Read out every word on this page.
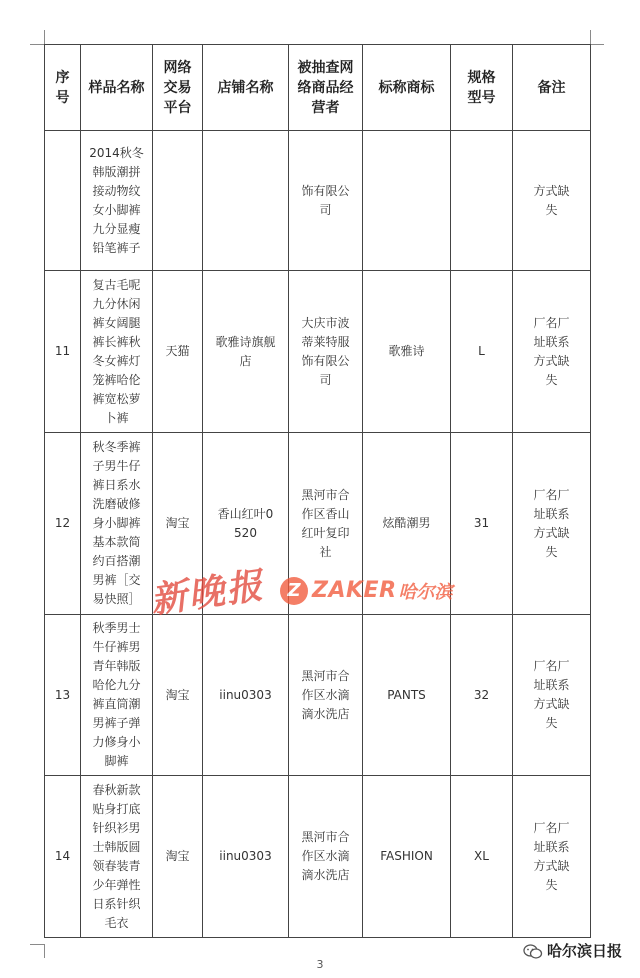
序号	样品名称	网络交易平台	店铺名称	被抽查网络商品经营者	标称商标	规格型号	备注
	2014秋冬韩版潮拼接动物纹女小脚裤九分显瘦铅笔裤子			饰有限公司			方式缺失
11	复古毛呢九分休闲裤女阔腿裤长裤秋冬女裤灯笼裤哈伦裤宽松萝卜裤	天猫	歌雅诗旗舰店	大庆市波蒂莱特服饰有限公司	歌雅诗	L	厂名厂址联系方式缺失
12	秋冬季裤子男牛仔裤日系水洗磨破修身小脚裤基本款简约百搭潮男裤［交易快照］	淘宝	香山红叶0520	黑河市合作区香山红叶复印社	炫酷潮男	31	厂名厂址联系方式缺失
13	秋季男士牛仔裤男青年韩版哈伦九分裤直筒潮男裤子弹力修身小脚裤	淘宝	iinu0303	黑河市合作区水滴滴水洗店	PANTS	32	厂名厂址联系方式缺失
14	春秋新款贴身打底针织衫男士韩版圆领春装青少年弹性日系针织毛衣	淘宝	iinu0303	黑河市合作区水滴滴水洗店	FASHION	XL	厂名厂址联系方式缺失
新晚报	Z ZAKER 哈尔滨
3
哈尔滨日报
